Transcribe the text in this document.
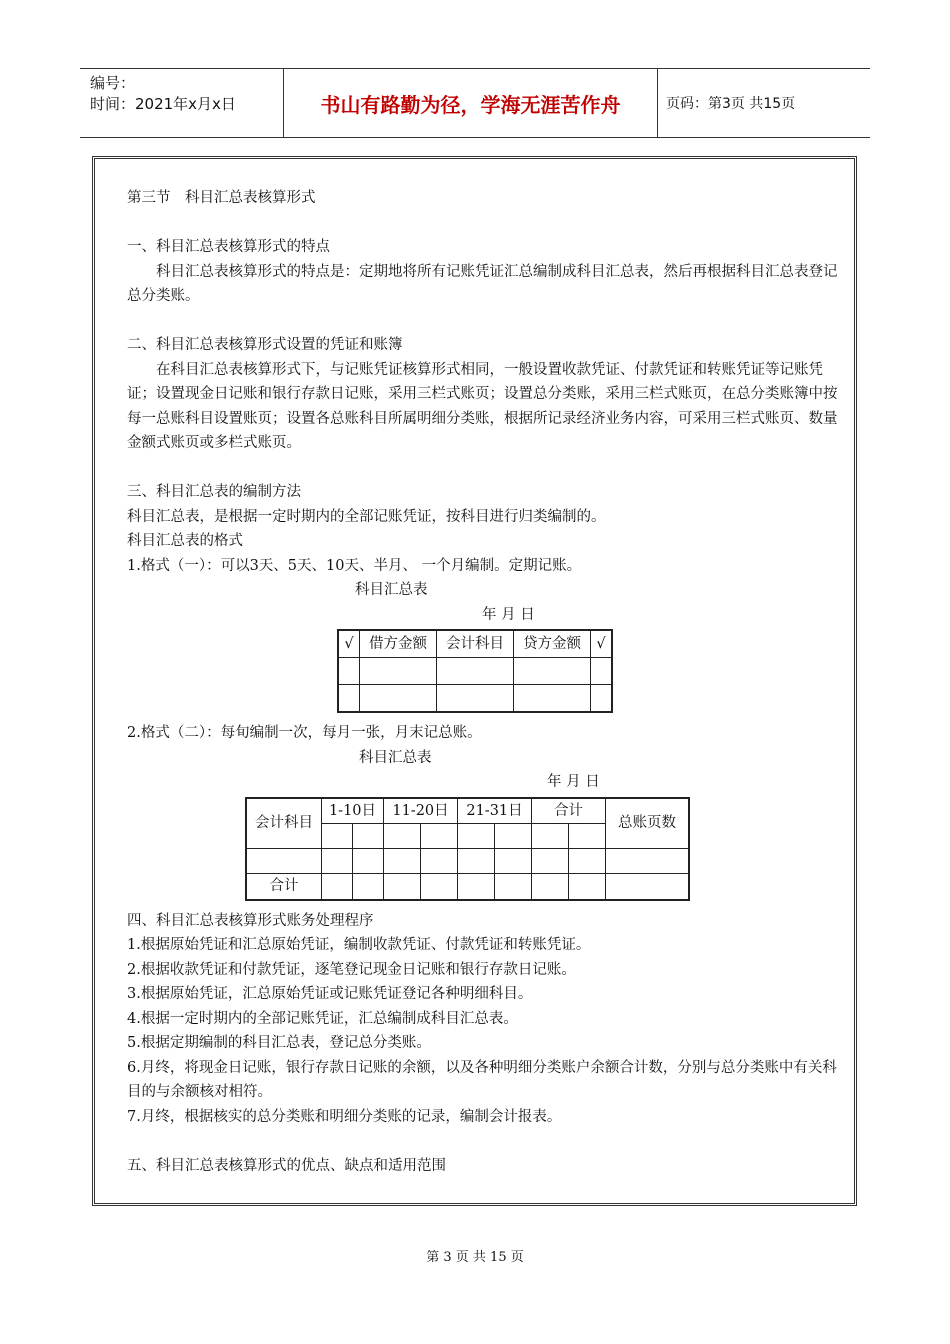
编号：
时间：2021年x月x日	书山有路勤为径，学海无涯苦作舟	页码：第3页 共15页

第三节　科目汇总表核算形式

一、科目汇总表核算形式的特点

科目汇总表核算形式的特点是：定期地将所有记账凭证汇总编制成科目汇总表，然后再根据科目汇总表登记总分类账。

二、科目汇总表核算形式设置的凭证和账簿

在科目汇总表核算形式下，与记账凭证核算形式相同，一般设置收款凭证、付款凭证和转账凭证等记账凭证；设置现金日记账和银行存款日记账，采用三栏式账页；设置总分类账，采用三栏式账页，在总分类账簿中按每一总账科目设置账页；设置各总账科目所属明细分类账，根据所记录经济业务内容，可采用三栏式账页、数量金额式账页或多栏式账页。

三、科目汇总表的编制方法

科目汇总表，是根据一定时期内的全部记账凭证，按科目进行归类编制的。

科目汇总表的格式

1.格式（一）：可以3天、5天、10天、半月、 一个月编制。定期记账。

科目汇总表

年 月 日

√	借方金额	会计科目	贷方金额	√

2.格式（二）：每旬编制一次，每月一张，月末记总账。

科目汇总表

年 月 日

会计科目	1-10日		11-20日		21-31日		合计		总账页数

合计									

四、科目汇总表核算形式账务处理程序

1.根据原始凭证和汇总原始凭证，编制收款凭证、付款凭证和转账凭证。

2.根据收款凭证和付款凭证，逐笔登记现金日记账和银行存款日记账。

3.根据原始凭证，汇总原始凭证或记账凭证登记各种明细科目。

4.根据一定时期内的全部记账凭证，汇总编制成科目汇总表。

5.根据定期编制的科目汇总表，登记总分类账。

6.月终，将现金日记账，银行存款日记账的余额，以及各种明细分类账户余额合计数，分别与总分类账中有关科目的与余额核对相符。

7.月终，根据核实的总分类账和明细分类账的记录，编制会计报表。

五、科目汇总表核算形式的优点、缺点和适用范围

第 3 页 共 15 页
